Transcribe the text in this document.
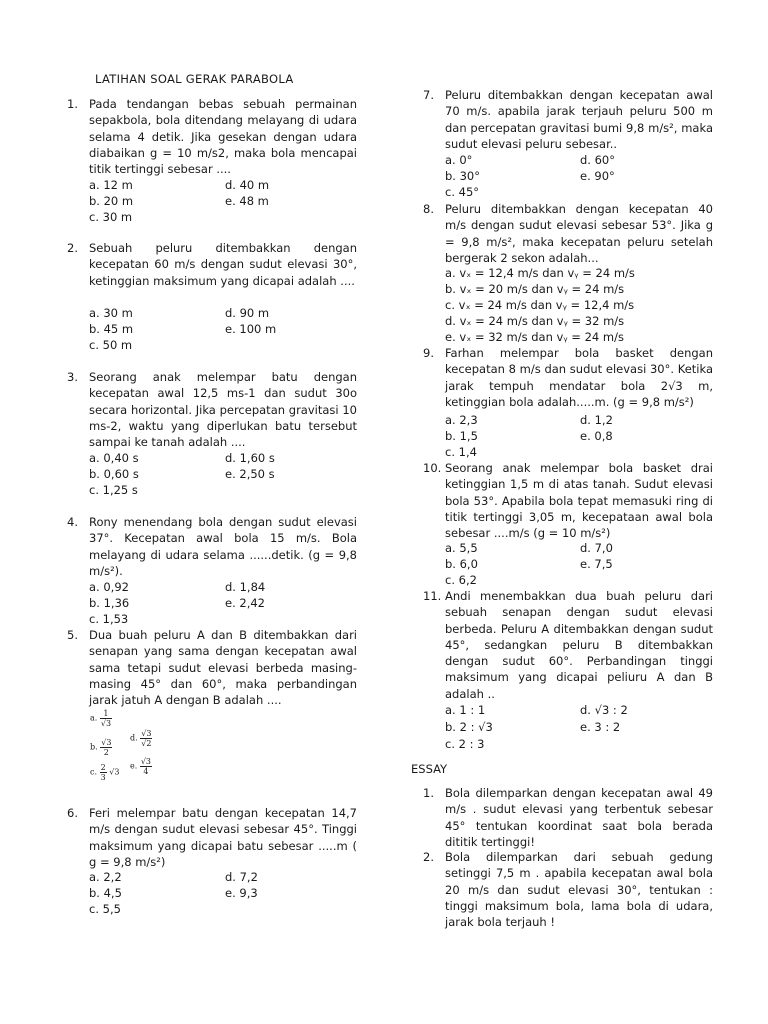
LATIHAN SOAL GERAK PARABOLA
1. Pada tendangan bebas sebuah permainan sepakbola, bola ditendang melayang di udara selama 4 detik. Jika gesekan dengan udara diabaikan g = 10 m/s2, maka bola mencapai titik tertinggi sebesar ....
a. 12 m
b. 20 m
c. 30 m
d. 40 m
e. 48 m
2. Sebuah peluru ditembakkan dengan kecepatan 60 m/s dengan sudut elevasi 30°, ketinggian maksimum yang dicapai adalah ....
a. 30 m
b. 45 m
c. 50 m
d. 90 m
e. 100 m
3. Seorang anak melempar batu dengan kecepatan awal 12,5 ms-1 dan sudut 30o secara horizontal. Jika percepatan gravitasi 10 ms-2, waktu yang diperlukan batu tersebut sampai ke tanah adalah ....
a. 0,40 s
b. 0,60 s
c. 1,25 s
d. 1,60 s
e. 2,50 s
4. Rony menendang bola dengan sudut elevasi 37°. Kecepatan awal bola 15 m/s. Bola melayang di udara selama ......detik. (g = 9,8 m/s²).
a. 0,92
b. 1,36
c. 1,53
d. 1,84
e. 2,42
5. Dua buah peluru A dan B ditembakkan dari senapan yang sama dengan kecepatan awal sama tetapi sudut elevasi berbeda masing-masing 45° dan 60°, maka perbandingan jarak jatuh A dengan B adalah ....
a. $\frac{1}{√3}$
b. $\frac{√3}{2}$
c. $\frac{2}{3} √3$
d. $\frac{√3}{√2}$
e. $\frac{√3}{4}$
6. Feri melempar batu dengan kecepatan 14,7 m/s dengan sudut elevasi sebesar 45°. Tinggi maksimum yang dicapai batu sebesar .....m ( g = 9,8 m/s²)
a. 2,2
b. 4,5
c. 5,5
d. 7,2
e. 9,3
7. Peluru ditembakkan dengan kecepatan awal 70 m/s. apabila jarak terjauh peluru 500 m dan percepatan gravitasi bumi 9,8 m/s², maka sudut elevasi peluru sebesar..
a. 0°
b. 30°
c. 45°
d. 60°
e. 90°
8. Peluru ditembakkan dengan kecepatan 40 m/s dengan sudut elevasi sebesar 53°. Jika g = 9,8 m/s², maka kecepatan peluru setelah bergerak 2 sekon adalah...
a. vₓ = 12,4 m/s dan vᵧ = 24 m/s
b. vₓ = 20 m/s dan vᵧ = 24 m/s
c. vₓ = 24 m/s dan vᵧ = 12,4 m/s
d. vₓ = 24 m/s dan vᵧ = 32 m/s
e. vₓ = 32 m/s dan vᵧ = 24 m/s
9. Farhan melempar bola basket dengan kecepatan 8 m/s dan sudut elevasi 30°. Ketika jarak tempuh mendatar bola 2√3 m, ketinggian bola adalah.....m. (g = 9,8 m/s²)
a. 2,3
b. 1,5
c. 1,4
d. 1,2
e. 0,8
10. Seorang anak melempar bola basket drai ketinggian 1,5 m di atas tanah. Sudut elevasi bola 53°. Apabila bola tepat memasuki ring di titik tertinggi 3,05 m, kecepataan awal bola sebesar ....m/s (g = 10 m/s²)
a. 5,5
b. 6,0
c. 6,2
d. 7,0
e. 7,5
11. Andi menembakkan dua buah peluru dari sebuah senapan dengan sudut elevasi berbeda. Peluru A ditembakkan dengan sudut 45°, sedangkan peluru B ditembakkan dengan sudut 60°. Perbandingan tinggi maksimum yang dicapai peliuru A dan B adalah ..
a. 1 : 1
b. 2 : √3
c. 2 : 3
d. √3 : 2
e. 3 : 2
ESSAY
1. Bola dilemparkan dengan kecepatan awal 49 m/s . sudut elevasi yang terbentuk sebesar 45° tentukan koordinat saat bola berada dititik tertinggi!
2. Bola dilemparkan dari sebuah gedung setinggi 7,5 m . apabila kecepatan awal bola 20 m/s dan sudut elevasi 30°, tentukan : tinggi maksimum bola, lama bola di udara, jarak bola terjauh !
